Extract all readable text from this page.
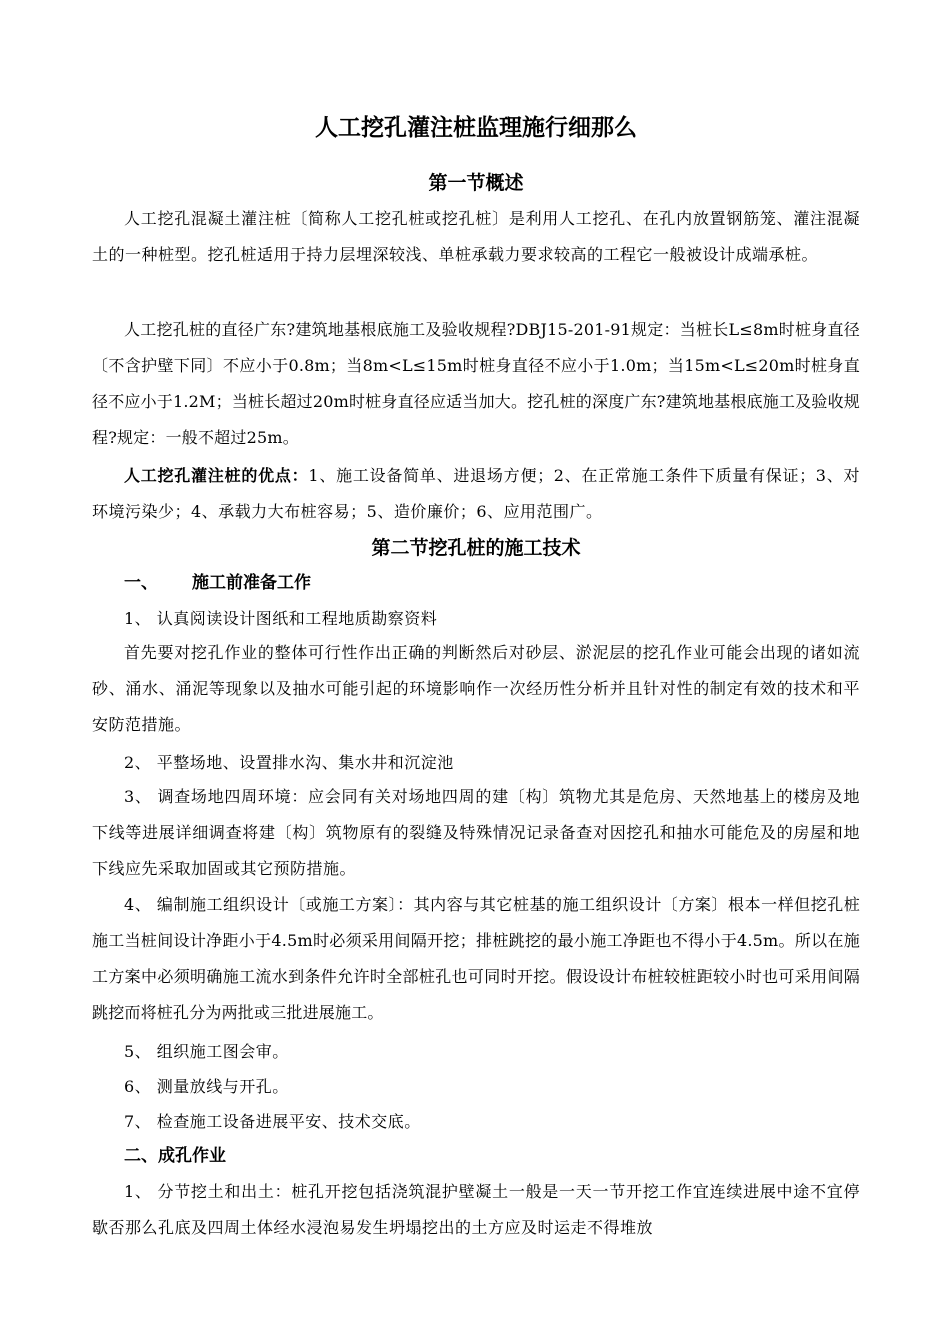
人工挖孔灌注桩监理施行细那么
第一节概述
人工挖孔混凝土灌注桩〔简称人工挖孔桩或挖孔桩〕是利用人工挖孔、在孔内放置钢筋笼、灌注混凝土的一种桩型。挖孔桩适用于持力层埋深较浅、单桩承载力要求较高的工程它一般被设计成端承桩。
人工挖孔桩的直径广东?建筑地基根底施工及验收规程?DBJ15-201-91规定：当桩长L≤8m时桩身直径〔不含护壁下同〕不应小于0.8m；当8m<L≤15m时桩身直径不应小于1.0m；当15m<L≤20m时桩身直径不应小于1.2M；当桩长超过20m时桩身直径应适当加大。挖孔桩的深度广东?建筑地基根底施工及验收规程?规定：一般不超过25m。
人工挖孔灌注桩的优点：1、施工设备简单、进退场方便；2、在正常施工条件下质量有保证；3、对环境污染少；4、承载力大布桩容易；5、造价廉价；6、应用范围广。
第二节挖孔桩的施工技术
一、 施工前准备工作
1、 认真阅读设计图纸和工程地质勘察资料
首先要对挖孔作业的整体可行性作出正确的判断然后对砂层、淤泥层的挖孔作业可能会出现的诸如流砂、涌水、涌泥等现象以及抽水可能引起的环境影响作一次经历性分析并且针对性的制定有效的技术和平安防范措施。
2、 平整场地、设置排水沟、集水井和沉淀池
3、 调查场地四周环境：应会同有关对场地四周的建〔构〕筑物尤其是危房、天然地基上的楼房及地下线等进展详细调查将建〔构〕筑物原有的裂缝及特殊情况记录备查对因挖孔和抽水可能危及的房屋和地下线应先采取加固或其它预防措施。
4、 编制施工组织设计〔或施工方案〕：其内容与其它桩基的施工组织设计〔方案〕根本一样但挖孔桩施工当桩间设计净距小于4.5m时必须采用间隔开挖；排桩跳挖的最小施工净距也不得小于4.5m。所以在施工方案中必须明确施工流水到条件允许时全部桩孔也可同时开挖。假设设计布桩较桩距较小时也可采用间隔跳挖而将桩孔分为两批或三批进展施工。
5、 组织施工图会审。
6、 测量放线与开孔。
7、 检查施工设备进展平安、技术交底。
二、成孔作业
1、 分节挖土和出土：桩孔开挖包括浇筑混护壁凝土一般是一天一节开挖工作宜连续进展中途不宜停歇否那么孔底及四周土体经水浸泡易发生坍塌挖出的土方应及时运走不得堆放
